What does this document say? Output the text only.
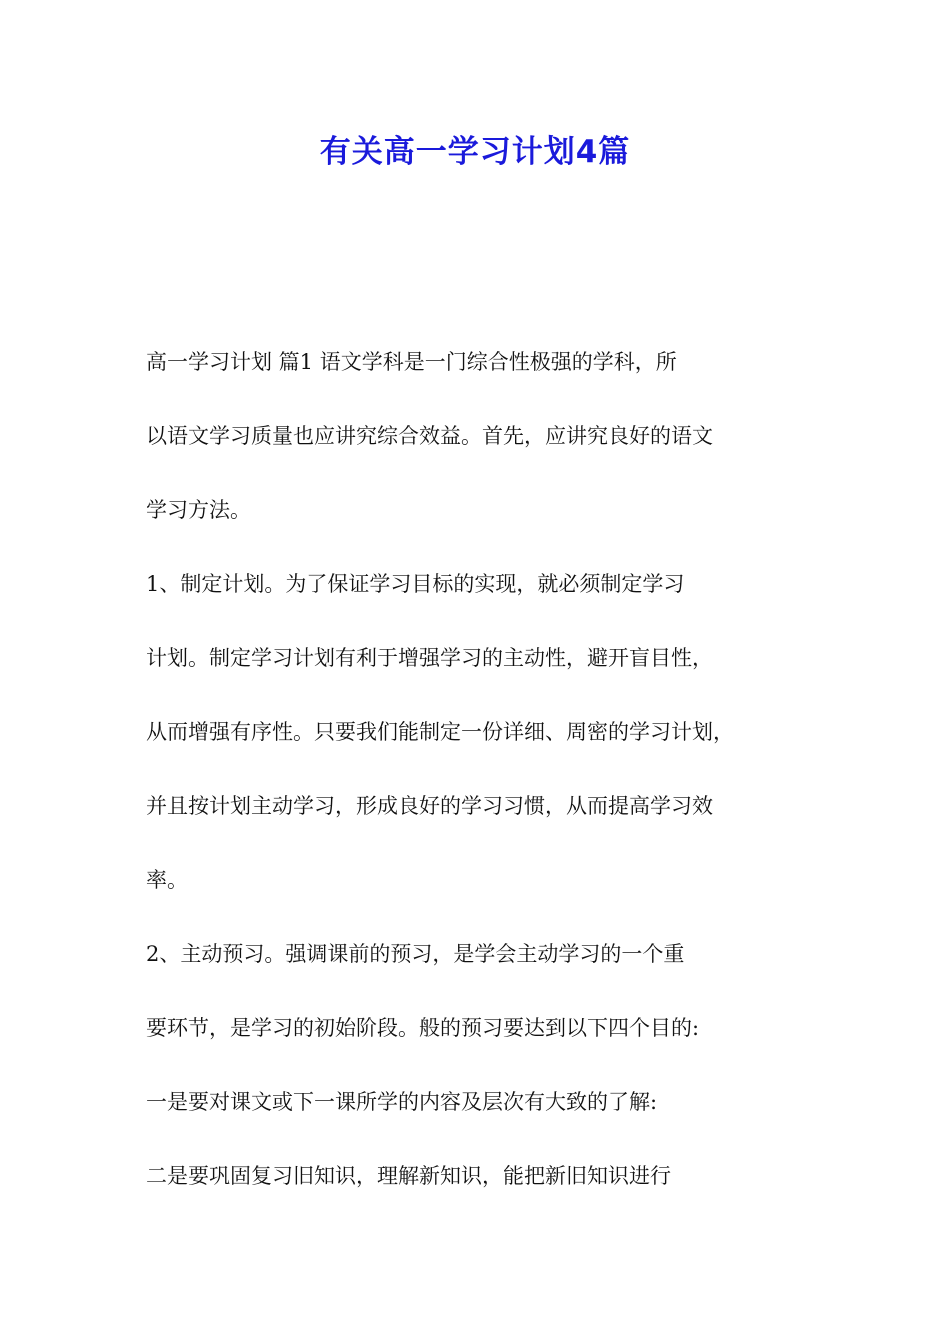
有关高一学习计划4篇

高一学习计划 篇1 语文学科是一门综合性极强的学科，所

以语文学习质量也应讲究综合效益。首先，应讲究良好的语文

学习方法。

1、制定计划。为了保证学习目标的实现，就必须制定学习

计划。制定学习计划有利于增强学习的主动性，避开盲目性，

从而增强有序性。只要我们能制定一份详细、周密的学习计划，

并且按计划主动学习，形成良好的学习习惯，从而提高学习效

率。

2、主动预习。强调课前的预习，是学会主动学习的一个重

要环节，是学习的初始阶段。般的预习要达到以下四个目的:

一是要对课文或下一课所学的内容及层次有大致的了解:

二是要巩固复习旧知识，理解新知识，能把新旧知识进行
